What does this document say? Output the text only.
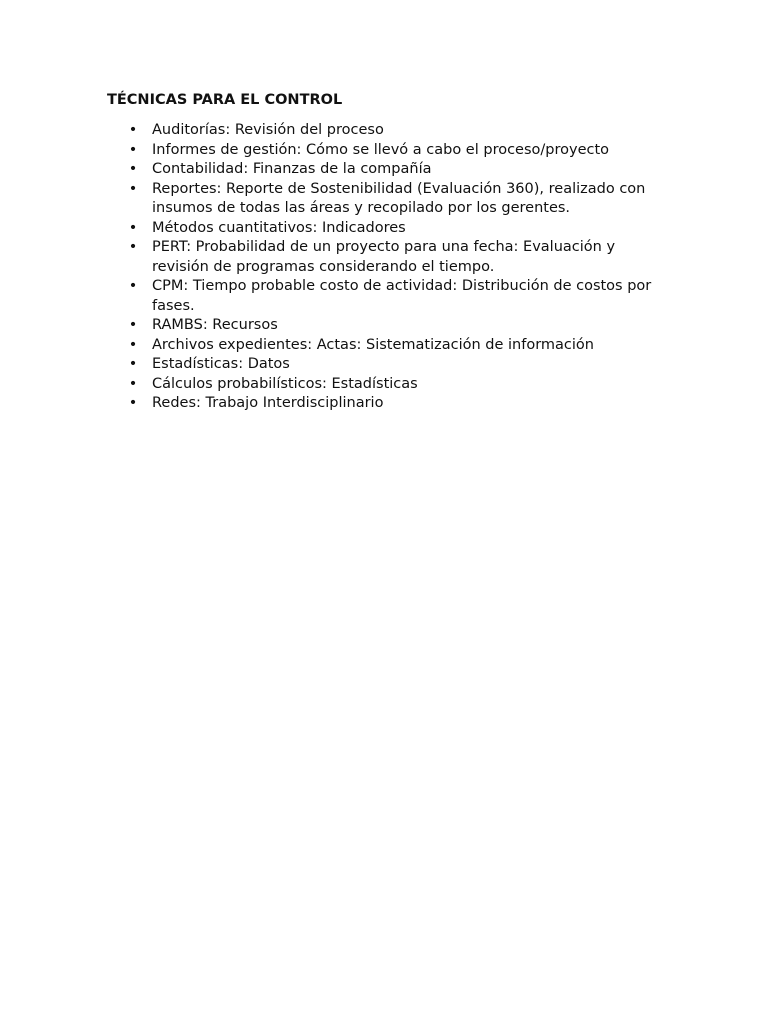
TÉCNICAS PARA EL CONTROL
• Auditorías: Revisión del proceso
• Informes de gestión: Cómo se llevó a cabo el proceso/proyecto
• Contabilidad: Finanzas de la compañía
• Reportes: Reporte de Sostenibilidad (Evaluación 360), realizado con insumos de todas las áreas y recopilado por los gerentes.
• Métodos cuantitativos: Indicadores
• PERT: Probabilidad de un proyecto para una fecha: Evaluación y revisión de programas considerando el tiempo.
• CPM: Tiempo probable costo de actividad: Distribución de costos por fases.
• RAMBS: Recursos
• Archivos expedientes: Actas: Sistematización de información
• Estadísticas: Datos
• Cálculos probabilísticos: Estadísticas
• Redes: Trabajo Interdisciplinario
